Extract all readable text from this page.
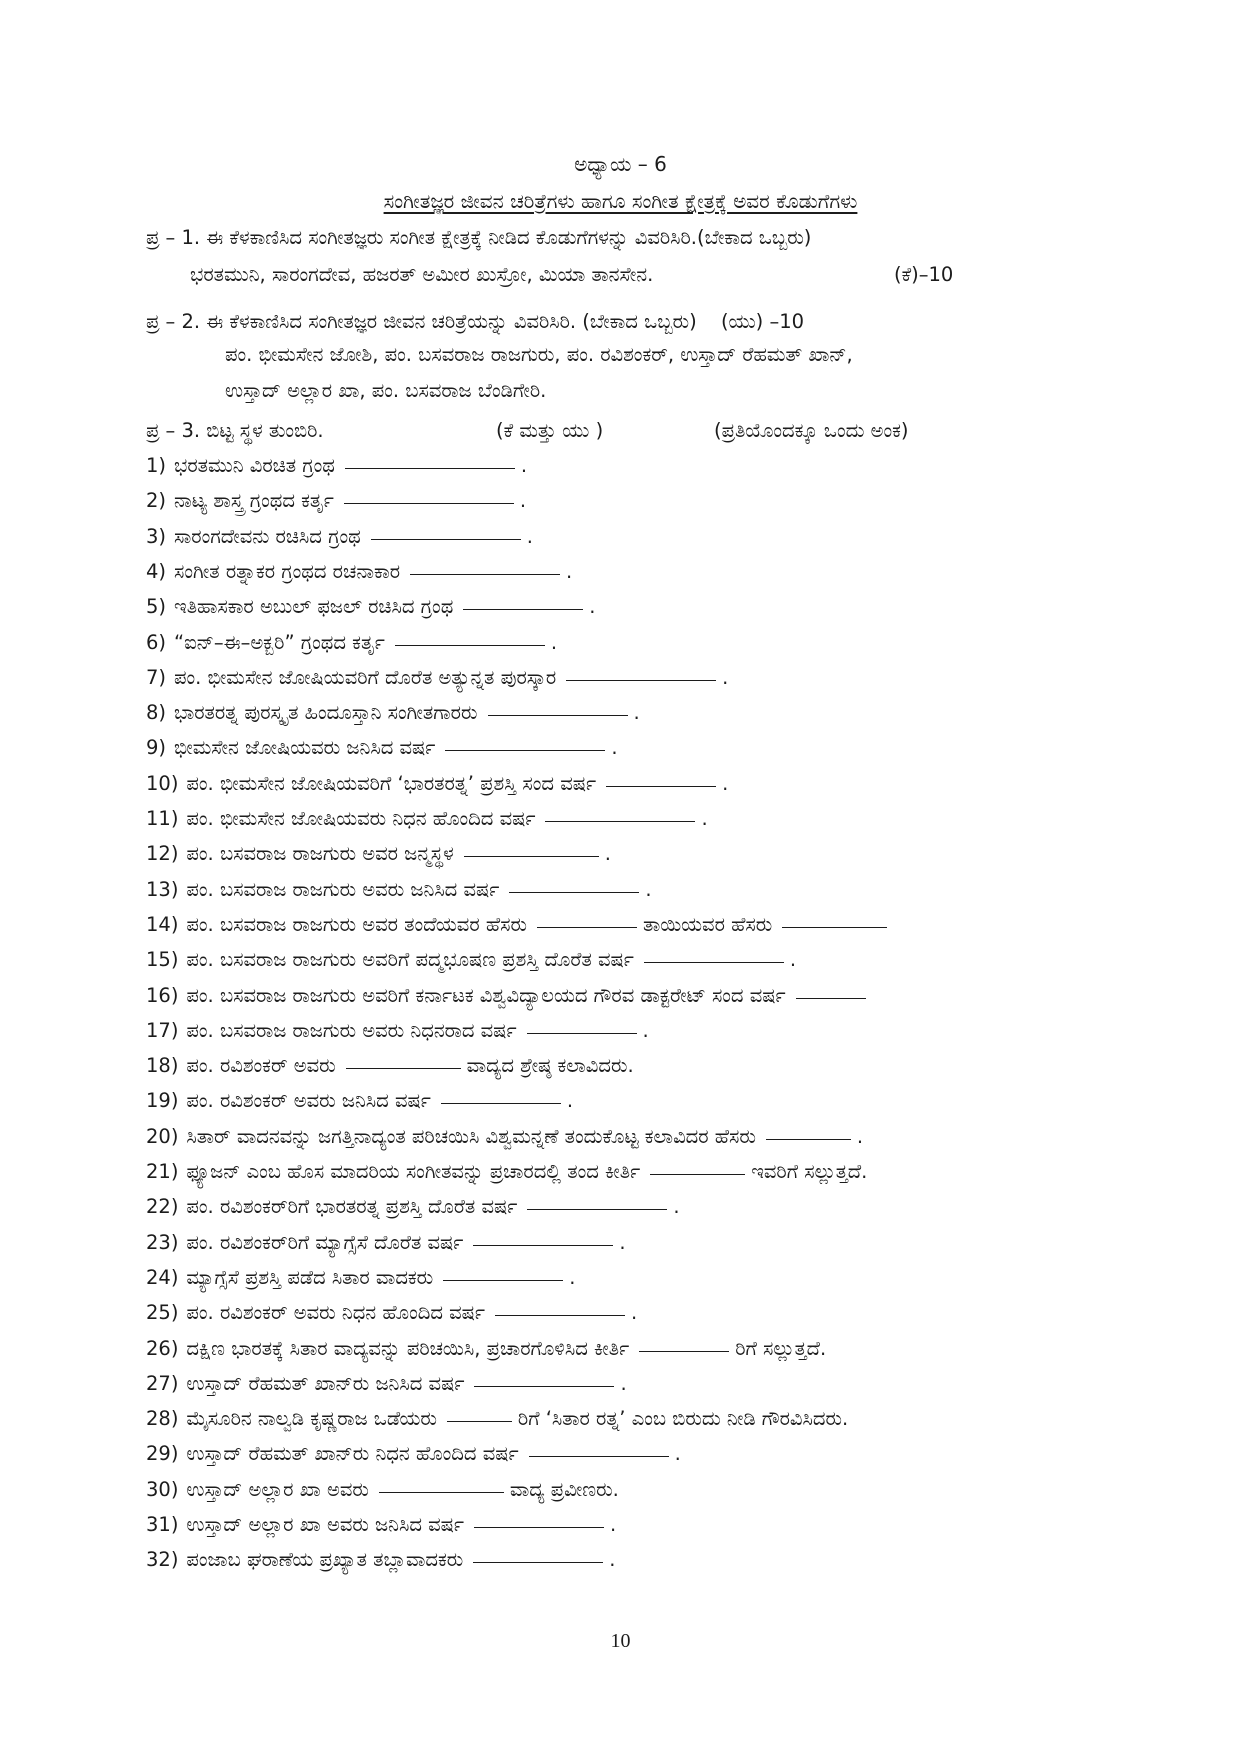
ಅಧ್ಯಾಯ – 6
ಸಂಗೀತಜ್ಞರ ಜೀವನ ಚರಿತ್ರೆಗಳು ಹಾಗೂ ಸಂಗೀತ ಕ್ಷೇತ್ರಕ್ಕೆ ಅವರ ಕೊಡುಗೆಗಳು
ಪ್ರ – 1. ಈ ಕೆಳಕಾಣಿಸಿದ ಸಂಗೀತಜ್ಞರು ಸಂಗೀತ ಕ್ಷೇತ್ರಕ್ಕೆ ನೀಡಿದ ಕೊಡುಗೆಗಳನ್ನು ವಿವರಿಸಿರಿ.(ಬೇಕಾದ ಒಬ್ಬರು)
ಭರತಮುನಿ, ಸಾರಂಗದೇವ, ಹಜರತ್ ಅಮೀರ ಖುಸ್ರೋ, ಮಿಯಾ ತಾನಸೇನ.	(ಕೆ)–10
ಪ್ರ – 2. ಈ ಕೆಳಕಾಣಿಸಿದ ಸಂಗೀತಜ್ಞರ ಜೀವನ ಚರಿತ್ರೆಯನ್ನು ವಿವರಿಸಿರಿ. (ಬೇಕಾದ ಒಬ್ಬರು) (ಯು) –10
ಪಂ. ಭೀಮಸೇನ ಜೋಶಿ, ಪಂ. ಬಸವರಾಜ ರಾಜಗುರು, ಪಂ. ರವಿಶಂಕರ್, ಉಸ್ತಾದ್ ರೆಹಮತ್ ಖಾನ್,
ಉಸ್ತಾದ್ ಅಲ್ಲಾರ ಖಾ, ಪಂ. ಬಸವರಾಜ ಬೆಂಡಿಗೇರಿ.
ಪ್ರ – 3. ಬಿಟ್ಟ ಸ್ಥಳ ತುಂಬಿರಿ.	(ಕೆ ಮತ್ತು ಯು )	(ಪ್ರತಿಯೊಂದಕ್ಕೂ ಒಂದು ಅಂಕ)
1) ಭರತಮುನಿ ವಿರಚಿತ ಗ್ರಂಥ	.
2) ನಾಟ್ಯ ಶಾಸ್ತ್ರ ಗ್ರಂಥದ ಕರ್ತೃ	.
3) ಸಾರಂಗದೇವನು ರಚಿಸಿದ ಗ್ರಂಥ	.
4) ಸಂಗೀತ ರತ್ನಾಕರ ಗ್ರಂಥದ ರಚನಾಕಾರ	.
5) ಇತಿಹಾಸಕಾರ ಅಬುಲ್ ಫಜಲ್ ರಚಿಸಿದ ಗ್ರಂಥ	.
6) “ಐನ್–ಈ–ಅಕ್ಬರಿ” ಗ್ರಂಥದ ಕರ್ತೃ	.
7) ಪಂ. ಭೀಮಸೇನ ಜೋಷಿಯವರಿಗೆ ದೊರೆತ ಅತ್ಯುನ್ನತ ಪುರಸ್ಕಾರ	.
8) ಭಾರತರತ್ನ ಪುರಸ್ಕೃತ ಹಿಂದೂಸ್ತಾನಿ ಸಂಗೀತಗಾರರು	.
9) ಭೀಮಸೇನ ಜೋಷಿಯವರು ಜನಿಸಿದ ವರ್ಷ	.
10) ಪಂ. ಭೀಮಸೇನ ಜೋಷಿಯವರಿಗೆ ‘ಭಾರತರತ್ನ’ ಪ್ರಶಸ್ತಿ ಸಂದ ವರ್ಷ	.
11) ಪಂ. ಭೀಮಸೇನ ಜೋಷಿಯವರು ನಿಧನ ಹೊಂದಿದ ವರ್ಷ	.
12) ಪಂ. ಬಸವರಾಜ ರಾಜಗುರು ಅವರ ಜನ್ಮಸ್ಥಳ	.
13) ಪಂ. ಬಸವರಾಜ ರಾಜಗುರು ಅವರು ಜನಿಸಿದ ವರ್ಷ	.
14) ಪಂ. ಬಸವರಾಜ ರಾಜಗುರು ಅವರ ತಂದೆಯವರ ಹೆಸರು	ತಾಯಿಯವರ ಹೆಸರು
15) ಪಂ. ಬಸವರಾಜ ರಾಜಗುರು ಅವರಿಗೆ ಪದ್ಮಭೂಷಣ ಪ್ರಶಸ್ತಿ ದೊರೆತ ವರ್ಷ	.
16) ಪಂ. ಬಸವರಾಜ ರಾಜಗುರು ಅವರಿಗೆ ಕರ್ನಾಟಕ ವಿಶ್ವವಿದ್ಯಾಲಯದ ಗೌರವ ಡಾಕ್ಟರೇಟ್ ಸಂದ ವರ್ಷ
17) ಪಂ. ಬಸವರಾಜ ರಾಜಗುರು ಅವರು ನಿಧನರಾದ ವರ್ಷ	.
18) ಪಂ. ರವಿಶಂಕರ್ ಅವರು	ವಾದ್ಯದ ಶ್ರೇಷ್ಠ ಕಲಾವಿದರು.
19) ಪಂ. ರವಿಶಂಕರ್ ಅವರು ಜನಿಸಿದ ವರ್ಷ	.
20) ಸಿತಾರ್ ವಾದನವನ್ನು ಜಗತ್ತಿನಾದ್ಯಂತ ಪರಿಚಯಿಸಿ ವಿಶ್ವಮನ್ನಣೆ ತಂದುಕೊಟ್ಟ ಕಲಾವಿದರ ಹೆಸರು	.
21) ಫ್ಯೂಜನ್ ಎಂಬ ಹೊಸ ಮಾದರಿಯ ಸಂಗೀತವನ್ನು ಪ್ರಚಾರದಲ್ಲಿ ತಂದ ಕೀರ್ತಿ	ಇವರಿಗೆ ಸಲ್ಲುತ್ತದೆ.
22) ಪಂ. ರವಿಶಂಕರ್‌ರಿಗೆ ಭಾರತರತ್ನ ಪ್ರಶಸ್ತಿ ದೊರೆತ ವರ್ಷ	.
23) ಪಂ. ರವಿಶಂಕರ್‌ರಿಗೆ ಮ್ಯಾಗ್ಸೆಸೆ ದೊರೆತ ವರ್ಷ	.
24) ಮ್ಯಾಗ್ಸೆಸೆ ಪ್ರಶಸ್ತಿ ಪಡೆದ ಸಿತಾರ ವಾದಕರು	.
25) ಪಂ. ರವಿಶಂಕರ್ ಅವರು ನಿಧನ ಹೊಂದಿದ ವರ್ಷ	.
26) ದಕ್ಷಿಣ ಭಾರತಕ್ಕೆ ಸಿತಾರ ವಾದ್ಯವನ್ನು ಪರಿಚಯಿಸಿ, ಪ್ರಚಾರಗೊಳಿಸಿದ ಕೀರ್ತಿ	ರಿಗೆ ಸಲ್ಲುತ್ತದೆ.
27) ಉಸ್ತಾದ್ ರೆಹಮತ್ ಖಾನ್‌ರು ಜನಿಸಿದ ವರ್ಷ	.
28) ಮೈಸೂರಿನ ನಾಲ್ವಡಿ ಕೃಷ್ಣರಾಜ ಒಡೆಯರು	ರಿಗೆ ‘ಸಿತಾರ ರತ್ನ’ ಎಂಬ ಬಿರುದು ನೀಡಿ ಗೌರವಿಸಿದರು.
29) ಉಸ್ತಾದ್ ರೆಹಮತ್ ಖಾನ್‌ರು ನಿಧನ ಹೊಂದಿದ ವರ್ಷ	.
30) ಉಸ್ತಾದ್ ಅಲ್ಲಾರ ಖಾ ಅವರು	ವಾದ್ಯ ಪ್ರವೀಣರು.
31) ಉಸ್ತಾದ್ ಅಲ್ಲಾರ ಖಾ ಅವರು ಜನಿಸಿದ ವರ್ಷ	.
32) ಪಂಜಾಬ ಘರಾಣೆಯ ಪ್ರಖ್ಯಾತ ತಬ್ಲಾವಾದಕರು	.
10
